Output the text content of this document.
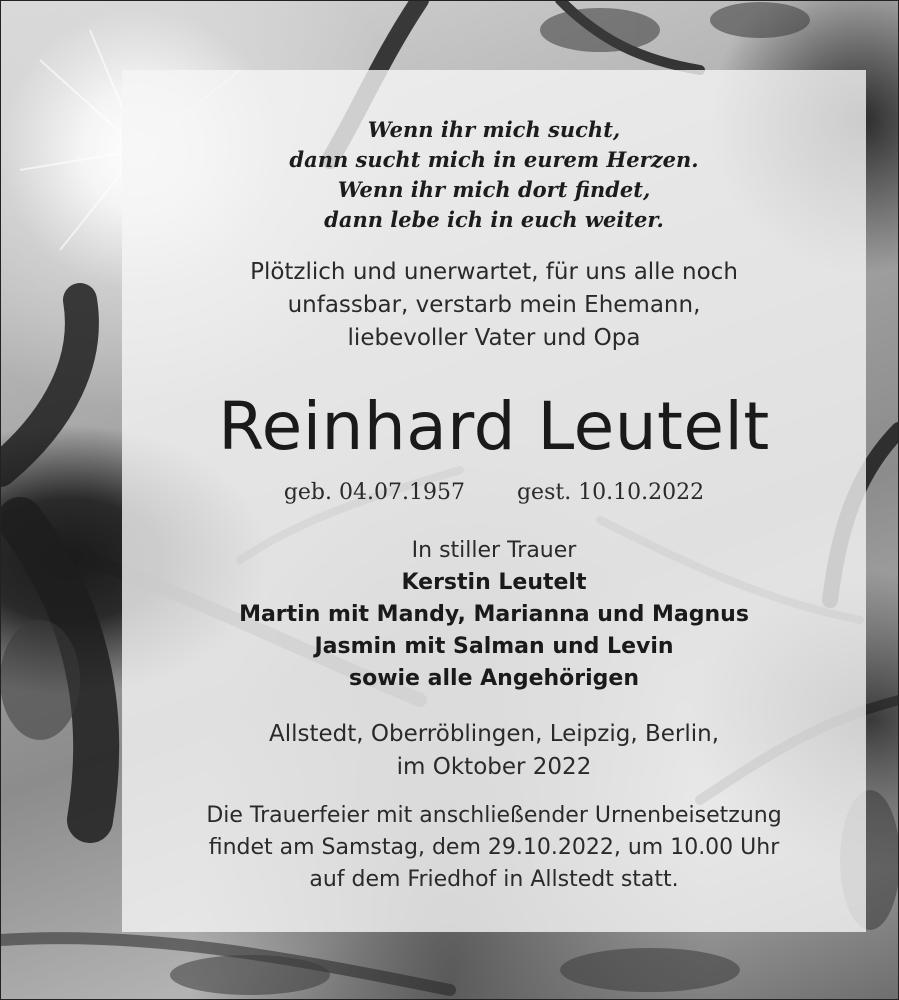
Wenn ihr mich sucht,
dann sucht mich in eurem Herzen.
Wenn ihr mich dort findet,
dann lebe ich in euch weiter.
Plötzlich und unerwartet, für uns alle noch
unfassbar, verstarb mein Ehemann,
liebevoller Vater und Opa
Reinhard Leutelt
geb. 04.07.1957 gest. 10.10.2022
In stiller Trauer
Kerstin Leutelt
Martin mit Mandy, Marianna und Magnus
Jasmin mit Salman und Levin
sowie alle Angehörigen
Allstedt, Oberröblingen, Leipzig, Berlin,
im Oktober 2022
Die Trauerfeier mit anschließender Urnenbeisetzung
findet am Samstag, dem 29.10.2022, um 10.00 Uhr
auf dem Friedhof in Allstedt statt.
